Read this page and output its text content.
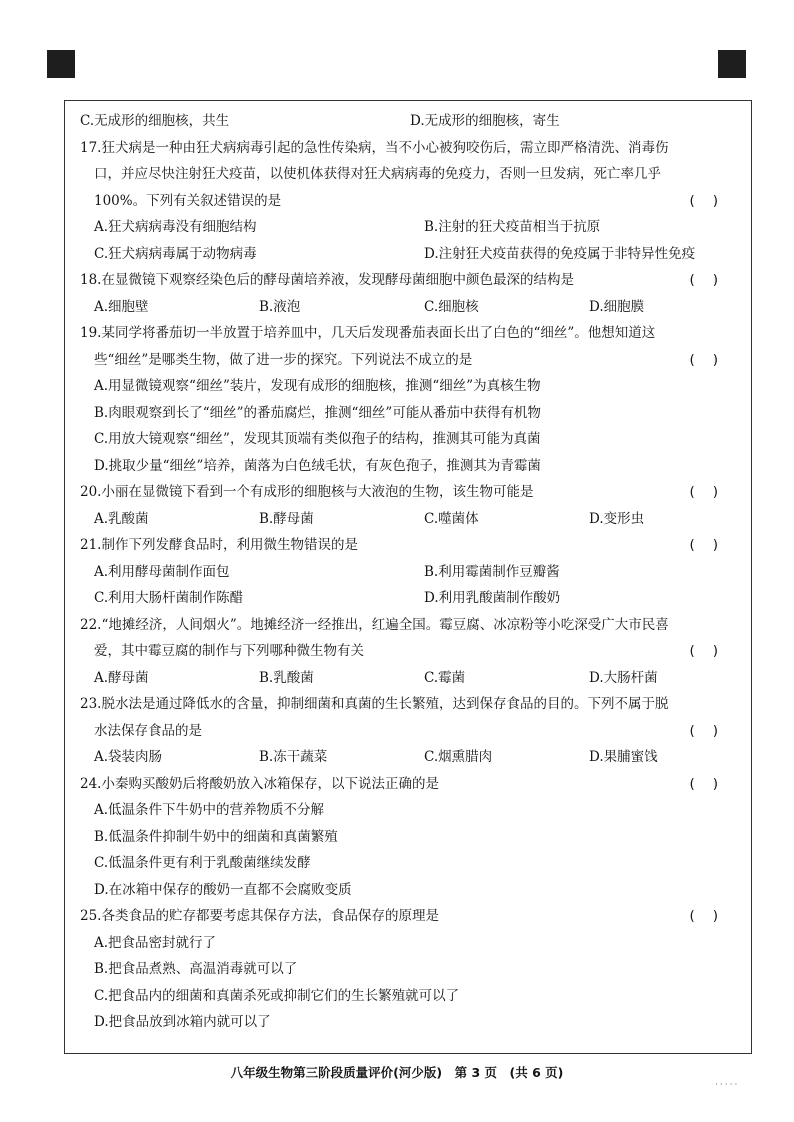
C.无成形的细胞核，共生	D.无成形的细胞核，寄生
17.狂犬病是一种由狂犬病病毒引起的急性传染病，当不小心被狗咬伤后，需立即严格清洗、消毒伤
口，并应尽快注射狂犬疫苗，以使机体获得对狂犬病病毒的免疫力，否则一旦发病，死亡率几乎
100%。下列有关叙述错误的是	()
A.狂犬病病毒没有细胞结构	B.注射的狂犬疫苗相当于抗原
C.狂犬病病毒属于动物病毒	D.注射狂犬疫苗获得的免疫属于非特异性免疫
18.在显微镜下观察经染色后的酵母菌培养液，发现酵母菌细胞中颜色最深的结构是	()
A.细胞壁	B.液泡	C.细胞核	D.细胞膜
19.某同学将番茄切一半放置于培养皿中，几天后发现番茄表面长出了白色的“细丝”。他想知道这
些“细丝”是哪类生物，做了进一步的探究。下列说法不成立的是	()
A.用显微镜观察“细丝”装片，发现有成形的细胞核，推测“细丝”为真核生物
B.肉眼观察到长了“细丝”的番茄腐烂，推测“细丝”可能从番茄中获得有机物
C.用放大镜观察“细丝”，发现其顶端有类似孢子的结构，推测其可能为真菌
D.挑取少量“细丝”培养，菌落为白色绒毛状，有灰色孢子，推测其为青霉菌
20.小丽在显微镜下看到一个有成形的细胞核与大液泡的生物，该生物可能是	()
A.乳酸菌	B.酵母菌	C.噬菌体	D.变形虫
21.制作下列发酵食品时，利用微生物错误的是	()
A.利用酵母菌制作面包	B.利用霉菌制作豆瓣酱
C.利用大肠杆菌制作陈醋	D.利用乳酸菌制作酸奶
22.“地摊经济，人间烟火”。地摊经济一经推出，红遍全国。霉豆腐、冰凉粉等小吃深受广大市民喜
爱，其中霉豆腐的制作与下列哪种微生物有关	()
A.酵母菌	B.乳酸菌	C.霉菌	D.大肠杆菌
23.脱水法是通过降低水的含量，抑制细菌和真菌的生长繁殖，达到保存食品的目的。下列不属于脱
水法保存食品的是	()
A.袋装肉肠	B.冻干蔬菜	C.烟熏腊肉	D.果脯蜜饯
24.小秦购买酸奶后将酸奶放入冰箱保存，以下说法正确的是	()
A.低温条件下牛奶中的营养物质不分解
B.低温条件抑制牛奶中的细菌和真菌繁殖
C.低温条件更有利于乳酸菌继续发酵
D.在冰箱中保存的酸奶一直都不会腐败变质
25.各类食品的贮存都要考虑其保存方法，食品保存的原理是	()
A.把食品密封就行了
B.把食品煮熟、高温消毒就可以了
C.把食品内的细菌和真菌杀死或抑制它们的生长繁殖就可以了
D.把食品放到冰箱内就可以了
八年级生物第三阶段质量评价(河少版)　第 3 页　(共 6 页)
·····
